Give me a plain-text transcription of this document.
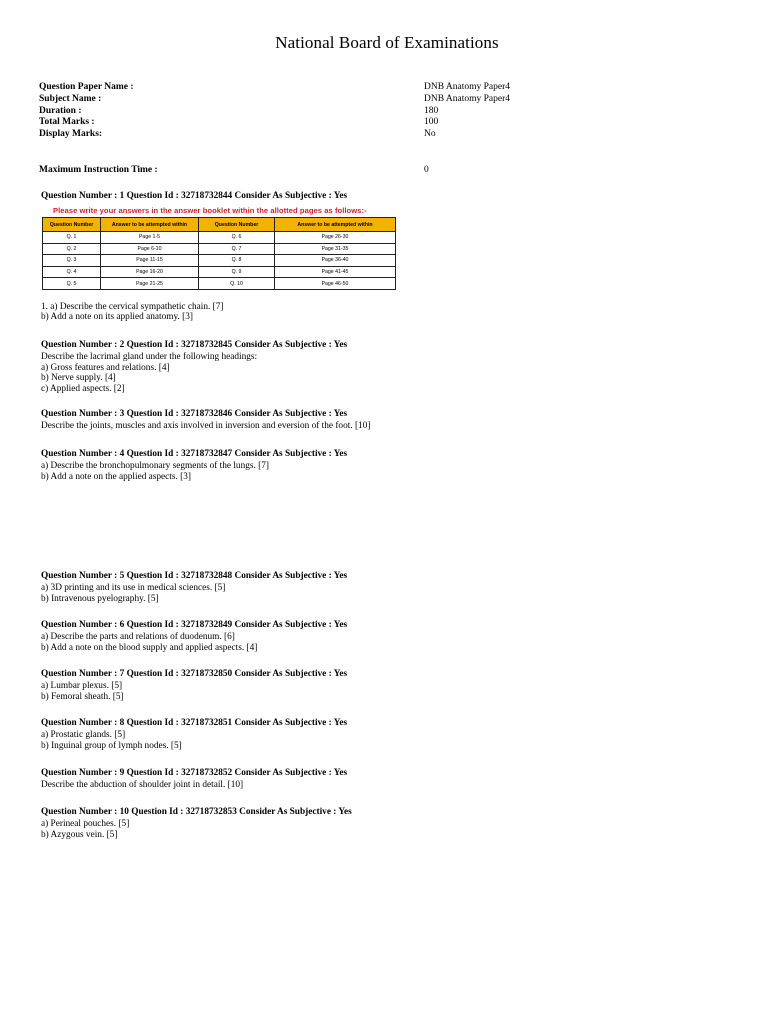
National Board of Examinations
Question Paper Name :	DNB Anatomy Paper4
Subject Name :	DNB Anatomy Paper4
Duration :	180
Total Marks :	100
Display Marks:	No
Maximum Instruction Time :	0
Question Number : 1 Question Id : 32718732844 Consider As Subjective : Yes
Please write your answers in the answer booklet within the allotted pages as follows:-
Question Number	Answer to be attempted within	Question Number	Answer to be attempted within
Q. 1	Page 1-5	Q. 6	Page 26-30
Q. 2	Page 6-10	Q. 7	Page 31-35
Q. 3	Page 11-15	Q. 8	Page 36-40
Q. 4	Page 16-20	Q. 9	Page 41-45
Q. 5	Page 21-25	Q. 10	Page 46-50
1. a) Describe the cervical sympathetic chain. [7]
b) Add a note on its applied anatomy. [3]
Question Number : 2 Question Id : 32718732845 Consider As Subjective : Yes
Describe the lacrimal gland under the following headings:
a) Gross features and relations. [4]
b) Nerve supply. [4]
c) Applied aspects. [2]
Question Number : 3 Question Id : 32718732846 Consider As Subjective : Yes
Describe the joints, muscles and axis involved in inversion and eversion of the foot. [10]
Question Number : 4 Question Id : 32718732847 Consider As Subjective : Yes
a) Describe the bronchopulmonary segments of the lungs. [7]
b) Add a note on the applied aspects. [3]
Question Number : 5 Question Id : 32718732848 Consider As Subjective : Yes
a) 3D printing and its use in medical sciences. [5]
b) Intravenous pyelography. [5]
Question Number : 6 Question Id : 32718732849 Consider As Subjective : Yes
a) Describe the parts and relations of duodenum. [6]
b) Add a note on the blood supply and applied aspects. [4]
Question Number : 7 Question Id : 32718732850 Consider As Subjective : Yes
a) Lumbar plexus. [5]
b) Femoral sheath. [5]
Question Number : 8 Question Id : 32718732851 Consider As Subjective : Yes
a) Prostatic glands. [5]
b) Inguinal group of lymph nodes. [5]
Question Number : 9 Question Id : 32718732852 Consider As Subjective : Yes
Describe the abduction of shoulder joint in detail. [10]
Question Number : 10 Question Id : 32718732853 Consider As Subjective : Yes
a) Perineal pouches. [5]
b) Azygous vein. [5]
